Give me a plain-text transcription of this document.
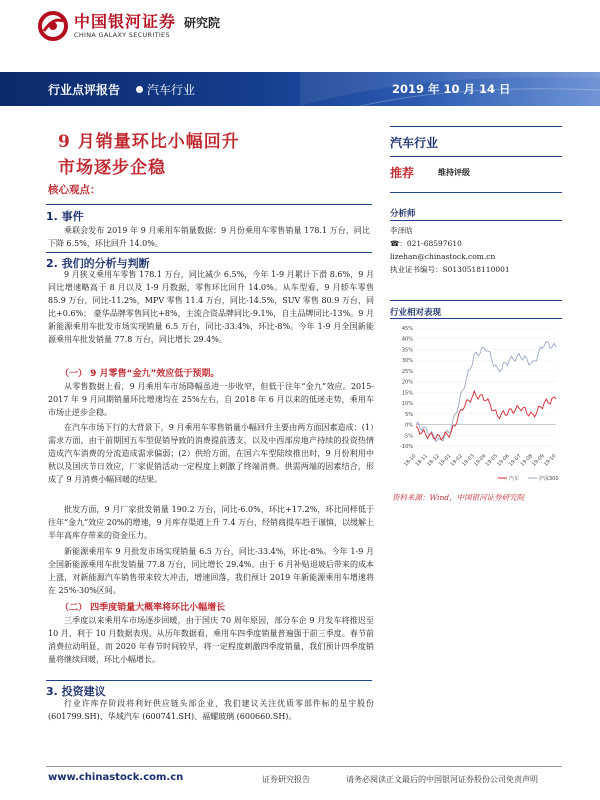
中国银河证券
CHINA GALAXY SECURITIES
研究院
行业点评报告 汽车行业	2019 年 10 月 14 日
9 月销量环比小幅回升
市场逐步企稳
核心观点：
1. 事件
乘联会发布 2019 年 9 月乘用车销量数据：9 月份乘用车零售销量 178.1 万台，同比下降 6.5%，环比回升 14.0%。
2. 我们的分析与判断
9 月狭义乘用车零售 178.1 万台，同比减少 6.5%，今年 1-9 月累计下滑 8.6%，9 月同比增速略高于 8 月以及 1-9 月数据，零售环比回升 14.0%。从车型看，9 月轿车零售 85.9 万台，同比-11.2%，MPV 零售 11.4 万台，同比-14.5%，SUV 零售 80.9 万台，同比+0.6%； 豪华品牌零售同比+8%，主流合资品牌同比-9.1%，自主品牌同比-13%。9 月新能源乘用车批发市场实现销量 6.5 万台，同比-33.4%，环比-8%。今年 1-9 月全国新能源乘用车批发销量 77.8 万台，同比增长 29.4%。
（一） 9 月零售“金九”效应低于预期。
从零售数据上看，9 月乘用车市场降幅虽进一步收窄，但低于往年“金九”效应。2015-2017 年 9 月同期销量环比增速均在 25%左右，自 2018 年 6 月以来的低迷走势，乘用车市场止逆步企稳。
在汽车市场下行的大背景下，9 月乘用车零售销量小幅回升主要由两方面因素造成：(1）需求方面，由于前期国五车型促销导致的消费提前透支，以及中西部房地产持续的投资热情造成汽车消费的分流造成需求偏弱；(2）供给方面，在国六车型陆续推出时，9 月份利用中秋以及国庆节日效应，厂家促销活动一定程度上刺激了终端消费。供需两端的因素结合，形成了 9 月消费小幅回暖的结果。
批发方面，9 月厂家批发销量 190.2 万台，同比-6.0%，环比+17.2%，环比同样低于往年“金九”效应 20%的增速，9 月库存渠道上升 7.4 万台，经销商提车趋于谨慎，以缓解上半年高库存带来的资金压力。
新能源乘用车 9 月批发市场实现销量 6.5 万台，同比-33.4%，环比-8%。今年 1-9 月全国新能源乘用车批发销量 77.8 万台，同比增长 29.4%。由于 6 月补贴退坡后带来的成本上涨，对新能源汽车销售带来较大冲击，增速回落，我们预计 2019 年新能源乘用车增速将在 25%-30%区间。
（二） 四季度销量大概率将环比小幅增长
三季度以来乘用车市场逐步回暖，由于国庆 70 周年原因，部分车企 9 月发车将推迟至 10 月，利于 10 月数据表现。从历年数据看，乘用车四季度销量普遍强于前三季度。春节前消费拉动明显，而 2020 年春节时间较早，将一定程度刺激四季度销量，我们预计四季度销量将继续回暖，环比小幅增长。
3. 投资建议
行业许库存阶段将利好供应链头部企业，我们建议关注优质零部件标的星宇股份 (601799.SH)、华域汽车 (600741.SH)、福耀玻璃 (600660.SH)。
汽车行业
推荐	维持评级
分析师
李泽晗
☎：021-68597610
lizehan@chinastock.com.cn
执业证书编号：S0130518110001
行业相对表现
-10%
-5%
0%
5%
10%
15%
20%
25%
30%
35%
40%
45%
18-10
18-11
18-12
19-01
19-02
19-03
19-04
19-05
19-06
19-07
19-08
19-09
19-10
汽车	沪深300
资料来源：Wind，中国银河证券研究院
www.chinastock.com.cn	证券研究报告	请务必阅读正文最后的中国银河证券股份公司免责声明
